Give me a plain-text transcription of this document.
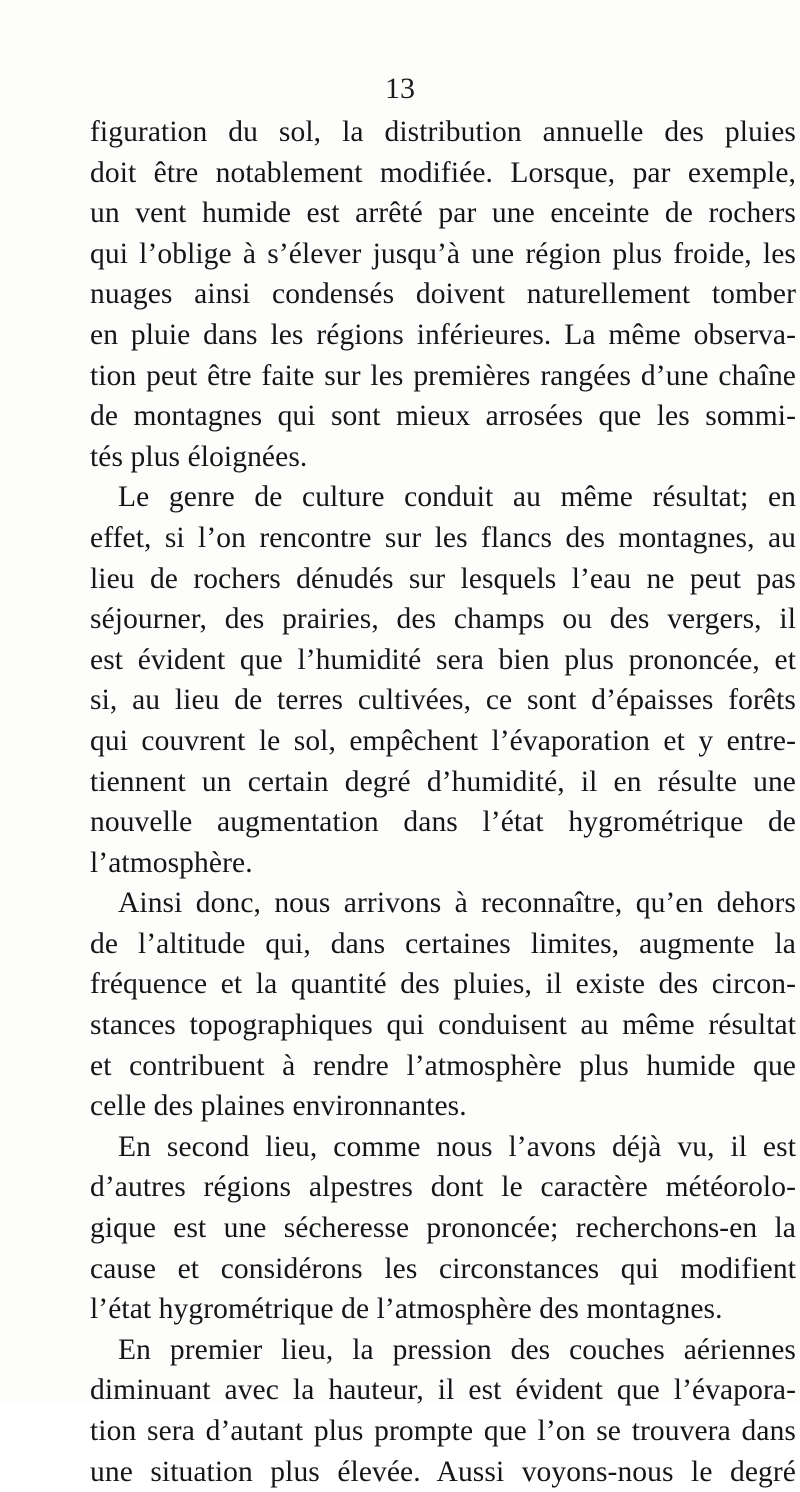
13
figuration du sol, la distribution annuelle des pluies
doit être notablement modifiée. Lorsque, par exemple,
un vent humide est arrêté par une enceinte de rochers
qui l’oblige à s’élever jusqu’à une région plus froide, les
nuages ainsi condensés doivent naturellement tomber
en pluie dans les régions inférieures. La même observa-
tion peut être faite sur les premières rangées d’une chaîne
de montagnes qui sont mieux arrosées que les sommi-
tés plus éloignées.
Le genre de culture conduit au même résultat; en
effet, si l’on rencontre sur les flancs des montagnes, au
lieu de rochers dénudés sur lesquels l’eau ne peut pas
séjourner, des prairies, des champs ou des vergers, il
est évident que l’humidité sera bien plus prononcée, et
si, au lieu de terres cultivées, ce sont d’épaisses forêts
qui couvrent le sol, empêchent l’évaporation et y entre-
tiennent un certain degré d’humidité, il en résulte une
nouvelle augmentation dans l’état hygrométrique de
l’atmosphère.
Ainsi donc, nous arrivons à reconnaître, qu’en dehors
de l’altitude qui, dans certaines limites, augmente la
fréquence et la quantité des pluies, il existe des circon-
stances topographiques qui conduisent au même résultat
et contribuent à rendre l’atmosphère plus humide que
celle des plaines environnantes.
En second lieu, comme nous l’avons déjà vu, il est
d’autres régions alpestres dont le caractère météorolo-
gique est une sécheresse prononcée; recherchons-en la
cause et considérons les circonstances qui modifient
l’état hygrométrique de l’atmosphère des montagnes.
En premier lieu, la pression des couches aériennes
diminuant avec la hauteur, il est évident que l’évapora-
tion sera d’autant plus prompte que l’on se trouvera dans
une situation plus élevée. Aussi voyons-nous le degré
